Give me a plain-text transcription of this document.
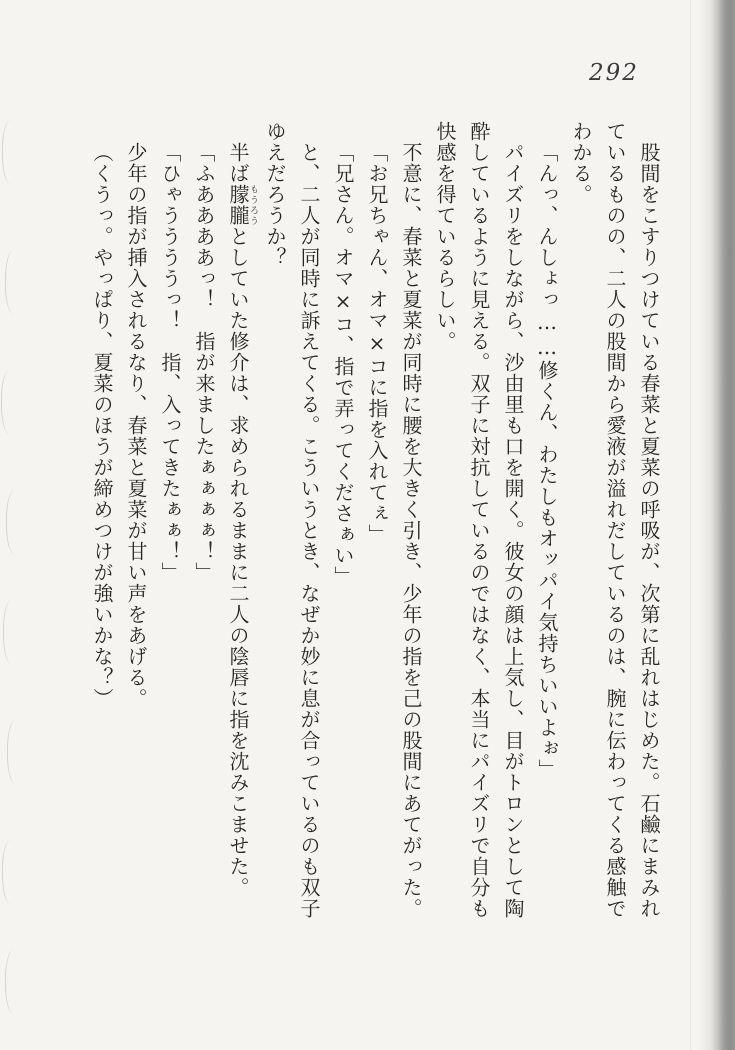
292
股間をこすりつけている春菜と夏菜の呼吸が、次第に乱れはじめた。石鹼にまみれ
ているものの、二人の股間から愛液が溢れだしているのは、腕に伝わってくる感触で
わかる。
「んっ、んしょっ……修くん、わたしもオッパイ気持ちいいよぉ」
パイズリをしながら、沙由里も口を開く。彼女の顔は上気し、目がトロンとして陶
酔しているように見える。双子に対抗しているのではなく、本当にパイズリで自分も
快感を得ているらしい。
不意に、春菜と夏菜が同時に腰を大きく引き、少年の指を己の股間にあてがった。
「お兄ちゃん、オマ×コに指を入れてぇ」
「兄さん。オマ×コ、指で弄ってくださぁい」
と、二人が同時に訴えてくる。こういうとき、なぜか妙に息が合っているのも双子
ゆえだろうか？
半ば朦朧もうろうとしていた修介は、求められるままに二人の陰唇に指を沈みこませた。
「ふああああっ！　指が来ましたぁぁぁぁ！」
「ひゃううううっ！　指、入ってきたぁぁ！」
少年の指が挿入されるなり、春菜と夏菜が甘い声をあげる。
（くうっ。やっぱり、夏菜のほうが締めつけが強いかな？）
